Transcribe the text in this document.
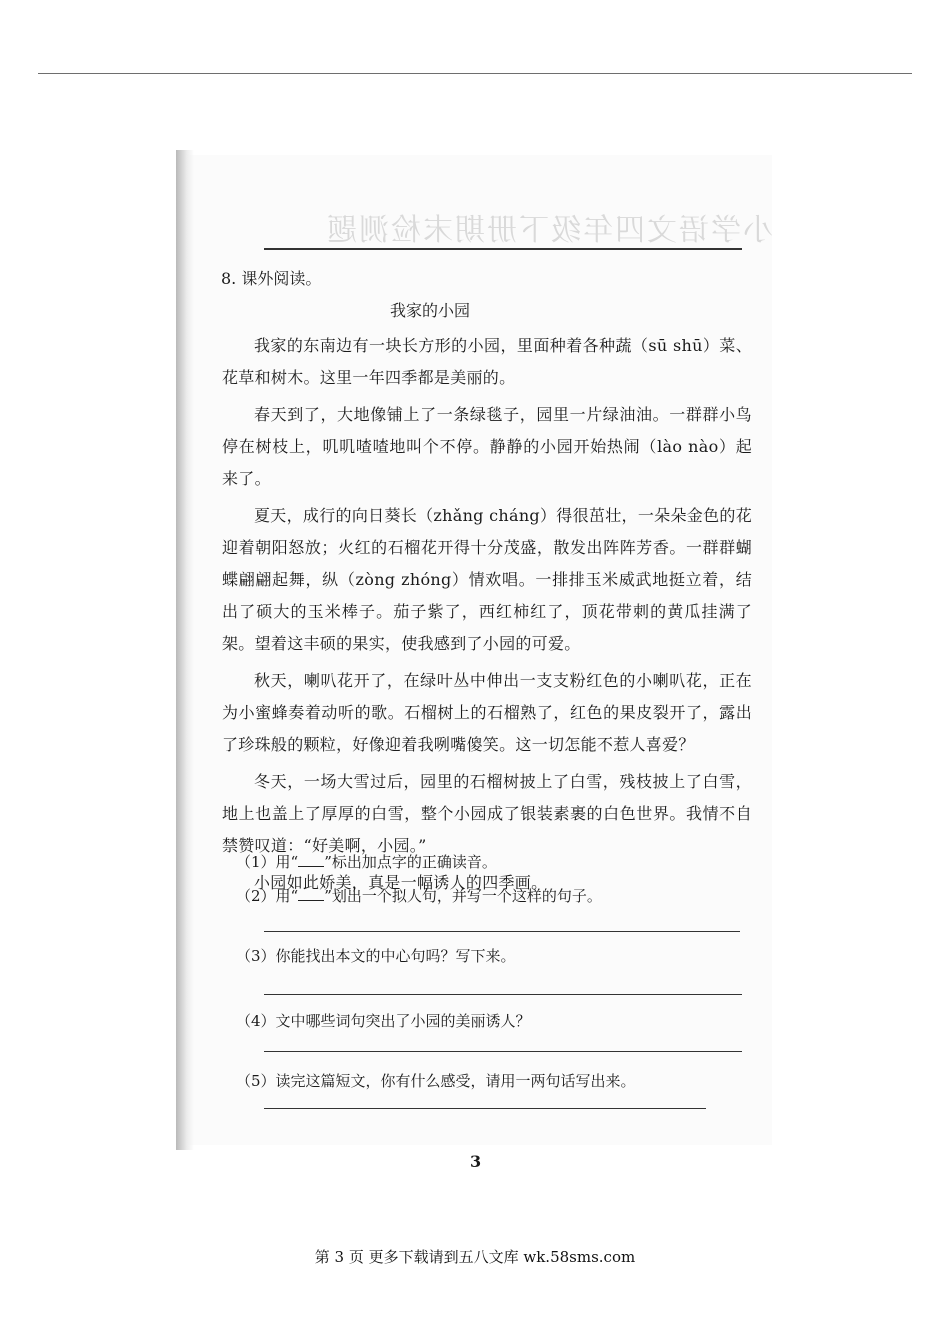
小学语文四年级下册期末检测题
8. 课外阅读。
我家的小园

我家的东南边有一块长方形的小园，里面种着各种蔬（sū shū）菜、花草和树木。这里一年四季都是美丽的。

春天到了，大地像铺上了一条绿毯子，园里一片绿油油。一群群小鸟停在树枝上，叽叽喳喳地叫个不停。静静的小园开始热闹（lào nào）起来了。

夏天，成行的向日葵长（zhǎng cháng）得很茁壮，一朵朵金色的花迎着朝阳怒放；火红的石榴花开得十分茂盛，散发出阵阵芳香。一群群蝴蝶翩翩起舞，纵（zòng zhóng）情欢唱。一排排玉米威武地挺立着，结出了硕大的玉米棒子。茄子紫了，西红柿红了，顶花带刺的黄瓜挂满了架。望着这丰硕的果实，使我感到了小园的可爱。

秋天，喇叭花开了，在绿叶丛中伸出一支支粉红色的小喇叭花，正在为小蜜蜂奏着动听的歌。石榴树上的石榴熟了，红色的果皮裂开了，露出了珍珠般的颗粒，好像迎着我咧嘴傻笑。这一切怎能不惹人喜爱？

冬天，一场大雪过后，园里的石榴树披上了白雪，残枝披上了白雪，地上也盖上了厚厚的白雪，整个小园成了银装素裹的白色世界。我情不自禁赞叹道：“好美啊，小园。”

小园如此娇美，真是一幅诱人的四季画。

（1）用“ ”标出加点字的正确读音。
（2）用“ ”划出一个拟人句，并写一个这样的句子。
（3）你能找出本文的中心句吗？写下来。
（4）文中哪些词句突出了小园的美丽诱人？
（5）读完这篇短文，你有什么感受，请用一两句话写出来。
3
第 3 页 更多下载请到五八文库 wk.58sms.com
